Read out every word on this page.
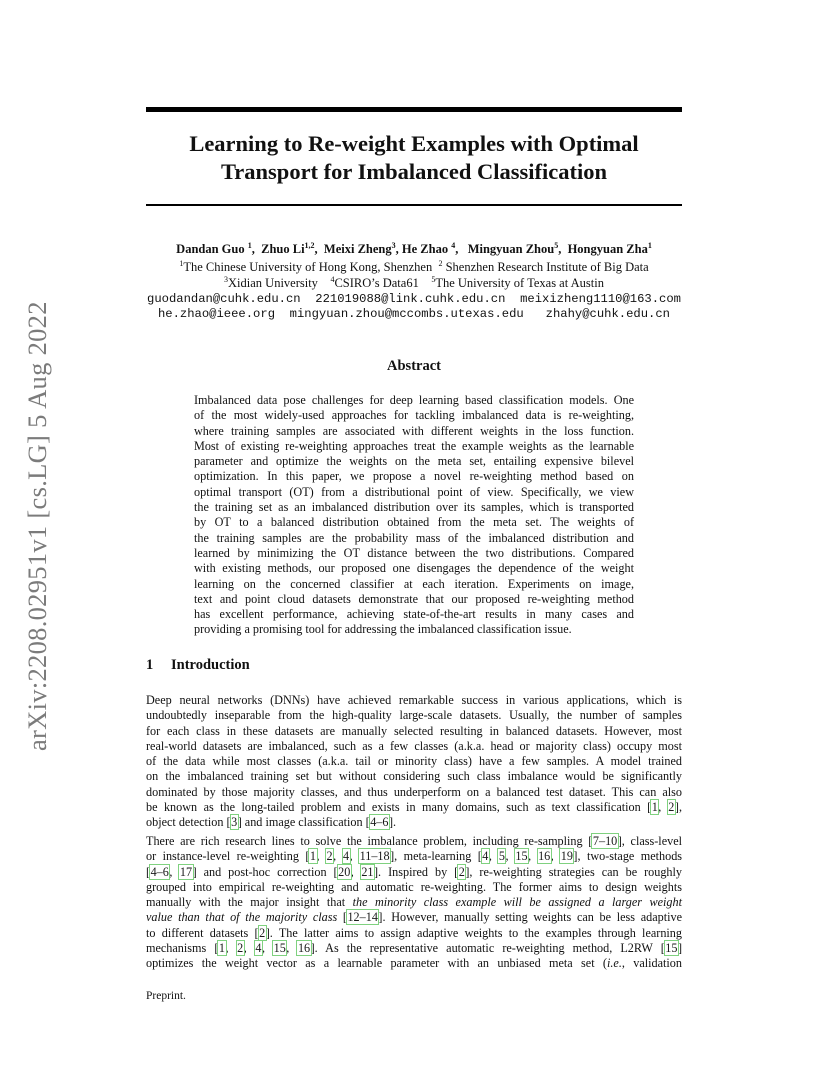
arXiv:2208.02951v1 [cs.LG] 5 Aug 2022
Learning to Re-weight Examples with Optimal
Transport for Imbalanced Classification
Dandan Guo $^1$,  Zhuo Li$^{1,2}$,  Meixi Zheng$^3$, He Zhao $^4$,   Mingyuan Zhou$^5$,  Hongyuan Zha$^1$
$^1$The Chinese University of Hong Kong, Shenzhen $^2$ Shenzhen Research Institute of Big Data
$^3$Xidian University $^4$CSIRO’s Data61 $^5$The University of Texas at Austin
guodandan@cuhk.edu.cn 221019088@link.cuhk.edu.cn meixizheng1110@163.com
he.zhao@ieee.org mingyuan.zhou@mccombs.utexas.edu zhahy@cuhk.edu.cn
Abstract
Imbalanced data pose challenges for deep learning based classification models. One
of the most widely-used approaches for tackling imbalanced data is re-weighting,
where training samples are associated with different weights in the loss function.
Most of existing re-weighting approaches treat the example weights as the learnable
parameter and optimize the weights on the meta set, entailing expensive bilevel
optimization. In this paper, we propose a novel re-weighting method based on
optimal transport (OT) from a distributional point of view. Specifically, we view
the training set as an imbalanced distribution over its samples, which is transported
by OT to a balanced distribution obtained from the meta set. The weights of
the training samples are the probability mass of the imbalanced distribution and
learned by minimizing the OT distance between the two distributions. Compared
with existing methods, our proposed one disengages the dependence of the weight
learning on the concerned classifier at each iteration. Experiments on image,
text and point cloud datasets demonstrate that our proposed re-weighting method
has excellent performance, achieving state-of-the-art results in many cases and
providing a promising tool for addressing the imbalanced classification issue.
1 Introduction
Deep neural networks (DNNs) have achieved remarkable success in various applications, which is
undoubtedly inseparable from the high-quality large-scale datasets. Usually, the number of samples
for each class in these datasets are manually selected resulting in balanced datasets. However, most
real-world datasets are imbalanced, such as a few classes (a.k.a. head or majority class) occupy most
of the data while most classes (a.k.a. tail or minority class) have a few samples. A model trained
on the imbalanced training set but without considering such class imbalance would be significantly
dominated by those majority classes, and thus underperform on a balanced test dataset. This can also
be known as the long-tailed problem and exists in many domains, such as text classification [1, 2],
object detection [3] and image classification [4–6].
There are rich research lines to solve the imbalance problem, including re-sampling [7–10], class-level
or instance-level re-weighting [1, 2, 4, 11–18], meta-learning [4, 5, 15, 16, 19], two-stage methods
[4–6, 17] and post-hoc correction [20, 21]. Inspired by [2], re-weighting strategies can be roughly
grouped into empirical re-weighting and automatic re-weighting. The former aims to design weights
manually with the major insight that the minority class example will be assigned a larger weight
value than that of the majority class [12–14]. However, manually setting weights can be less adaptive
to different datasets [2]. The latter aims to assign adaptive weights to the examples through learning
mechanisms [1, 2, 4, 15, 16]. As the representative automatic re-weighting method, L2RW [15]
optimizes the weight vector as a learnable parameter with an unbiased meta set (i.e., validation
Preprint.
